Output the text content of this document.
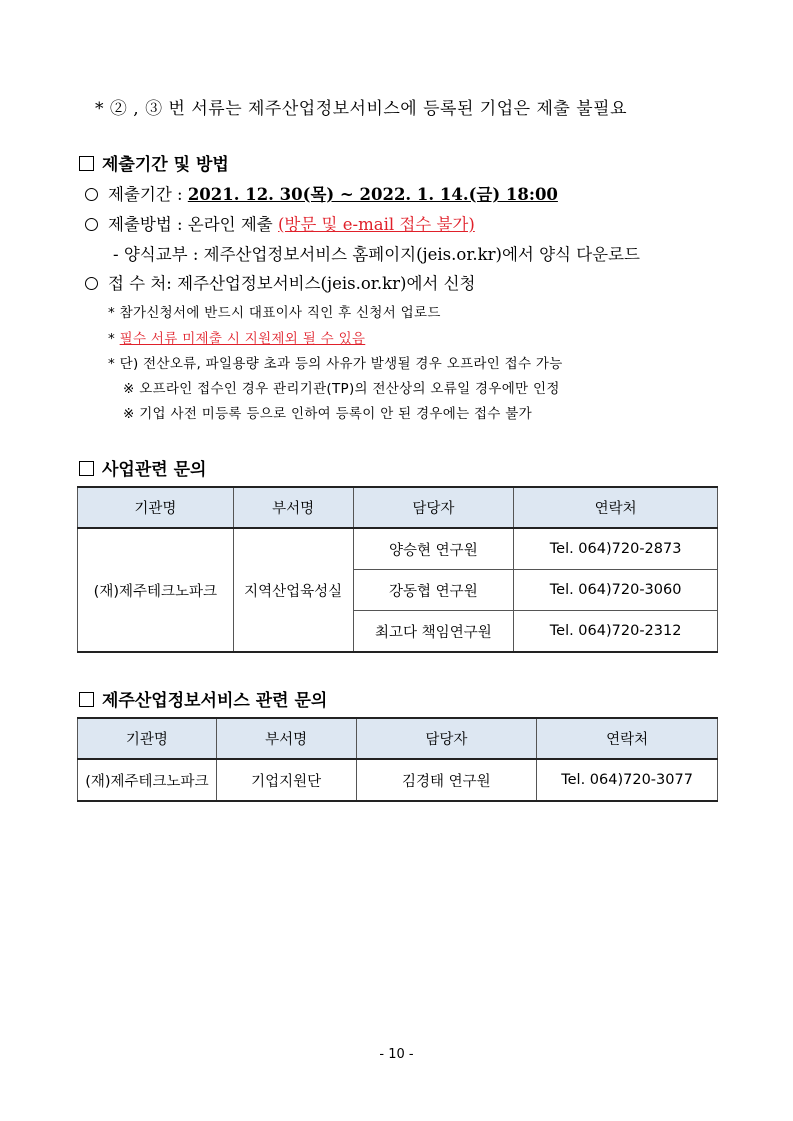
* ② , ③ 번 서류는 제주산업정보서비스에 등록된 기업은 제출 불필요
제출기간 및 방법
제출기간 : 2021. 12. 30(목) ~ 2022. 1. 14.(금) 18:00
제출방법 : 온라인 제출 (방문 및 e-mail 접수 불가)
- 양식교부 : 제주산업정보서비스 홈페이지(jeis.or.kr)에서 양식 다운로드
접 수 처: 제주산업정보서비스(jeis.or.kr)에서 신청
* 참가신청서에 반드시 대표이사 직인 후 신청서 업로드
* 필수 서류 미제출 시 지원제외 될 수 있음
* 단) 전산오류, 파일용량 초과 등의 사유가 발생될 경우 오프라인 접수 가능
※ 오프라인 접수인 경우 관리기관(TP)의 전산상의 오류일 경우에만 인정
※ 기업 사전 미등록 등으로 인하여 등록이 안 된 경우에는 접수 불가
사업관련 문의
기관명	부서명	담당자	연락처
(재)제주테크노파크	지역산업육성실	양승현 연구원	Tel. 064)720-2873
		강동협 연구원	Tel. 064)720-3060
		최고다 책임연구원	Tel. 064)720-2312
제주산업정보서비스 관련 문의
기관명	부서명	담당자	연락처
(재)제주테크노파크	기업지원단	김경태 연구원	Tel. 064)720-3077
- 10 -
